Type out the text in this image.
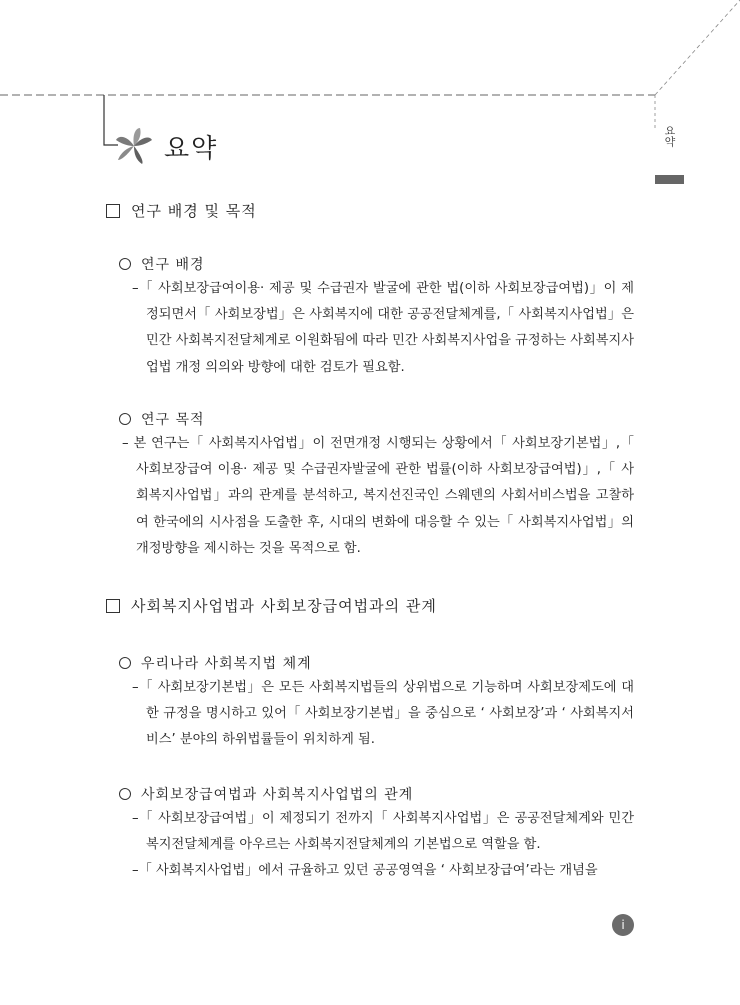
요약	요약
연구 배경 및 목적
연구 배경
–「 사회보장급여이용· 제공 및 수급권자 발굴에 관한 법(이하 사회보장급여법)」이 제정되면서「 사회보장법」은 사회복지에 대한 공공전달체계를,「 사회복지사업법」은 민간 사회복지전달체계로 이원화됨에 따라 민간 사회복지사업을 규정하는 사회복지사업법 개정 의의와 방향에 대한 검토가 필요함.
연구 목적
– 본 연구는「 사회복지사업법」이 전면개정 시행되는 상황에서「 사회보장기본법」,「 사회보장급여 이용· 제공 및 수급권자발굴에 관한 법률(이하 사회보장급여법)」,「 사회복지사업법」과의 관계를 분석하고, 복지선진국인 스웨덴의 사회서비스법을 고찰하여 한국에의 시사점을 도출한 후, 시대의 변화에 대응할 수 있는「 사회복지사업법」의 개정방향을 제시하는 것을 목적으로 함.
사회복지사업법과 사회보장급여법과의 관계
우리나라 사회복지법 체계
–「 사회보장기본법」은 모든 사회복지법들의 상위법으로 기능하며 사회보장제도에 대한 규정을 명시하고 있어「 사회보장기본법」을 중심으로 ‘ 사회보장’과 ‘ 사회복지서비스’ 분야의 하위법률들이 위치하게 됨.
사회보장급여법과 사회복지사업법의 관계
–「 사회보장급여법」이 제정되기 전까지「 사회복지사업법」은 공공전달체계와 민간복지전달체계를 아우르는 사회복지전달체계의 기본법으로 역할을 함.
–「 사회복지사업법」에서 규율하고 있던 공공영역을 ‘ 사회보장급여’라는 개념을
i
